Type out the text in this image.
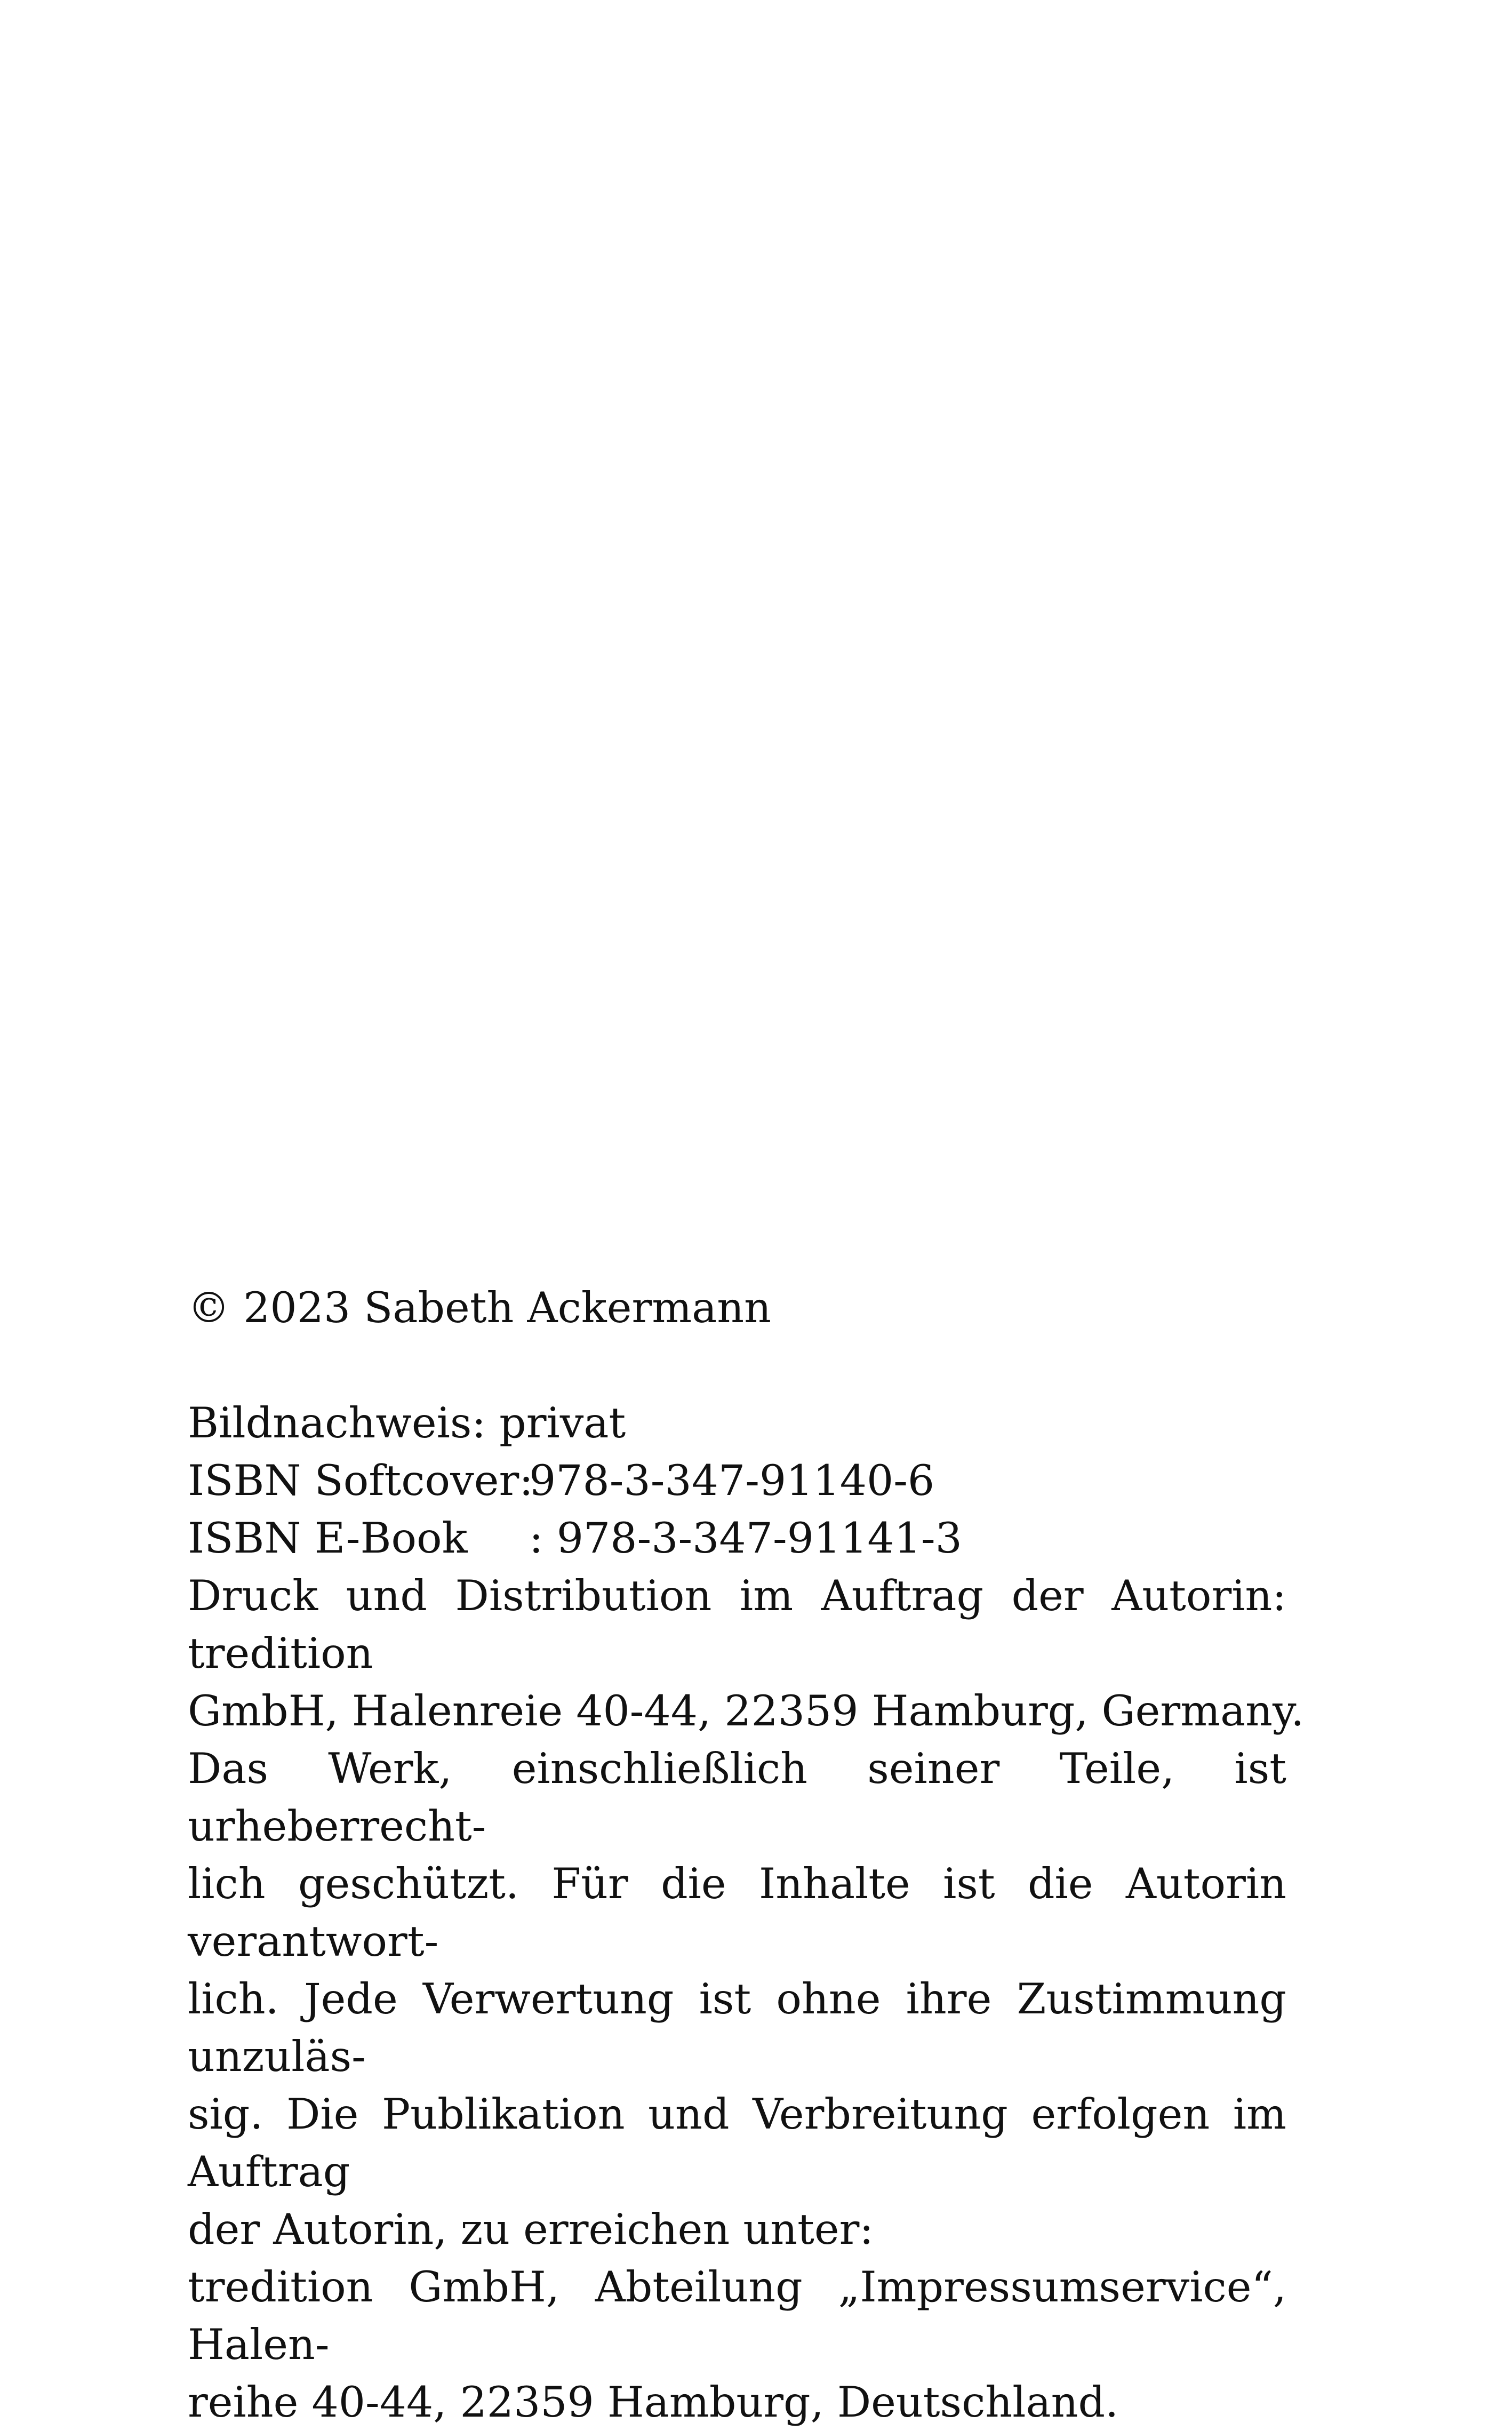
© 2023 Sabeth Ackermann
Bildnachweis: privat
ISBN Softcover:978-3-347-91140-6
ISBN E-Book : 978-3-347-91141-3
Druck und Distribution im Auftrag der Autorin: tredition
GmbH, Halenreie 40-44, 22359 Hamburg, Germany.
Das Werk, einschließlich seiner Teile, ist urheberrecht-
lich geschützt. Für die Inhalte ist die Autorin verantwort-
lich. Jede Verwertung ist ohne ihre Zustimmung unzuläs-
sig. Die Publikation und Verbreitung erfolgen im Auftrag
der Autorin, zu erreichen unter:
tredition GmbH, Abteilung „Impressumservice“, Halen-
reihe 40-44, 22359 Hamburg, Deutschland.
